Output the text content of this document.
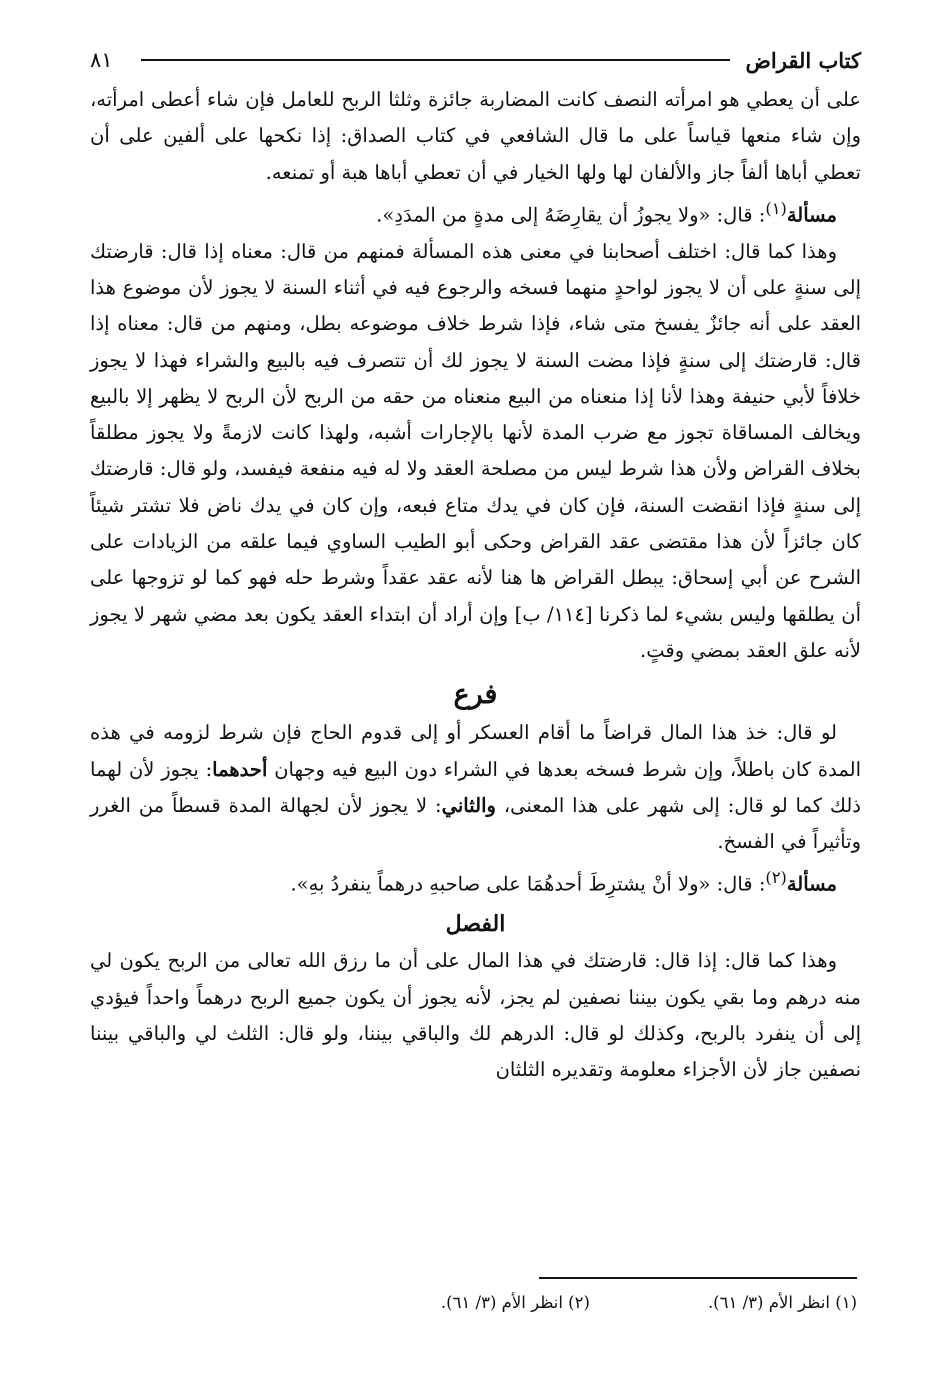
كتاب القراض
٨١

على أن يعطي هو امرأته النصف كانت المضاربة جائزة وثلثا الربح للعامل فإن شاء أعطى امرأته، وإن شاء منعها قياساً على ما قال الشافعي في كتاب الصداق: إذا نكحها على ألفين على أن تعطي أباها ألفاً جاز والألفان لها ولها الخيار في أن تعطي أباها هبة أو تمنعه.

مسألة$^{(١)}$: قال: «ولا يجوزُ أن يقارِضَهُ إلى مدةٍ من المدَدِ».

وهذا كما قال: اختلف أصحابنا في معنى هذه المسألة فمنهم من قال: معناه إذا قال: قارضتك إلى سنةٍ على أن لا يجوز لواحدٍ منهما فسخه والرجوع فيه في أثناء السنة لا يجوز لأن موضوع هذا العقد على أنه جائزٌ يفسخ متى شاء، فإذا شرط خلاف موضوعه بطل، ومنهم من قال: معناه إذا قال: قارضتك إلى سنةٍ فإذا مضت السنة لا يجوز لك أن تتصرف فيه بالبيع والشراء فهذا لا يجوز خلافاً لأبي حنيفة وهذا لأنا إذا منعناه من البيع منعناه من حقه من الربح لأن الربح لا يظهر إلا بالبيع ويخالف المساقاة تجوز مع ضرب المدة لأنها بالإجارات أشبه، ولهذا كانت لازمةً ولا يجوز مطلقاً بخلاف القراض ولأن هذا شرط ليس من مصلحة العقد ولا له فيه منفعة فيفسد، ولو قال: قارضتك إلى سنةٍ فإذا انقضت السنة، فإن كان في يدك متاع فبعه، وإن كان في يدك ناض فلا تشتر شيئاً كان جائزاً لأن هذا مقتضى عقد القراض وحكى أبو الطيب الساوي فيما علقه من الزيادات على الشرح عن أبي إسحاق: يبطل القراض ها هنا لأنه عقد عقداً وشرط حله فهو كما لو تزوجها على أن يطلقها وليس بشيء لما ذكرنا [١١٤/ ب] وإن أراد أن ابتداء العقد يكون بعد مضي شهر لا يجوز لأنه علق العقد بمضي وقتٍ.

فرع

لو قال: خذ هذا المال قراضاً ما أقام العسكر أو إلى قدوم الحاج فإن شرط لزومه في هذه المدة كان باطلاً، وإن شرط فسخه بعدها في الشراء دون البيع فيه وجهان أحدهما: يجوز لأن لهما ذلك كما لو قال: إلى شهر على هذا المعنى، والثاني: لا يجوز لأن لجهالة المدة قسطاً من الغرر وتأثيراً في الفسخ.

مسألة$^{(٢)}$: قال: «ولا أنْ يشترِطَ أحدهُمَا على صاحبهِ درهماً ينفردُ بهِ».

الفصل

وهذا كما قال: إذا قال: قارضتك في هذا المال على أن ما رزق الله تعالى من الربح يكون لي منه درهم وما بقي يكون بيننا نصفين لم يجز، لأنه يجوز أن يكون جميع الربح درهماً واحداً فيؤدي إلى أن ينفرد بالربح، وكذلك لو قال: الدرهم لك والباقي بيننا، ولو قال: الثلث لي والباقي بيننا نصفين جاز لأن الأجزاء معلومة وتقديره الثلثان

(١) انظر الأم (٣/ ٦١).
(٢) انظر الأم (٣/ ٦١).
